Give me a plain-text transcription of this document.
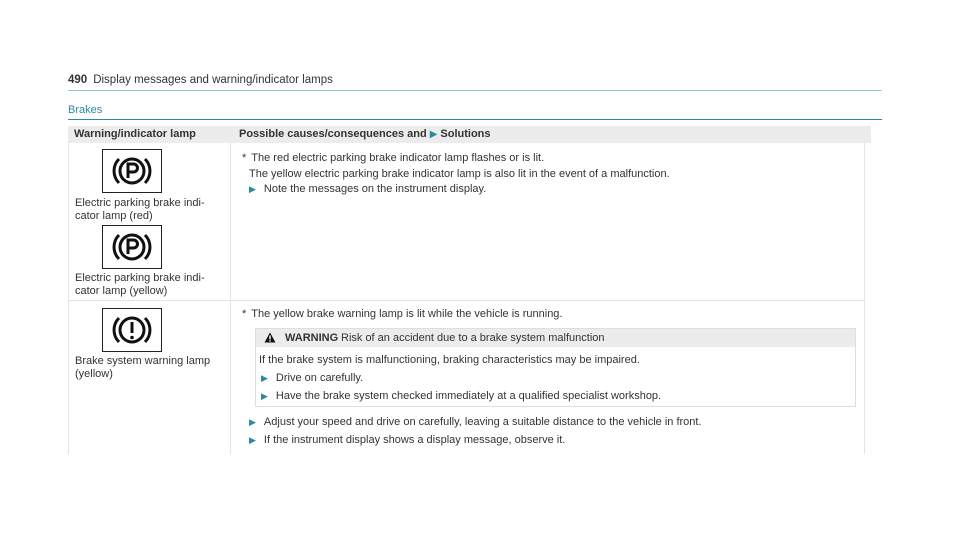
490 Display messages and warning/indicator lamps
Brakes
Warning/indicator lamp	Possible causes/consequences and ▶ Solutions
Electric parking brake indi-
cator lamp (red)
Electric parking brake indi-
cator lamp (yellow)
* The red electric parking brake indicator lamp flashes or is lit.
The yellow electric parking brake indicator lamp is also lit in the event of a malfunction.
▶ Note the messages on the instrument display.
Brake system warning lamp
(yellow)
* The yellow brake warning lamp is lit while the vehicle is running.
WARNING Risk of an accident due to a brake system malfunction
If the brake system is malfunctioning, braking characteristics may be impaired.
▶ Drive on carefully.
▶ Have the brake system checked immediately at a qualified specialist workshop.
▶ Adjust your speed and drive on carefully, leaving a suitable distance to the vehicle in front.
▶ If the instrument display shows a display message, observe it.
